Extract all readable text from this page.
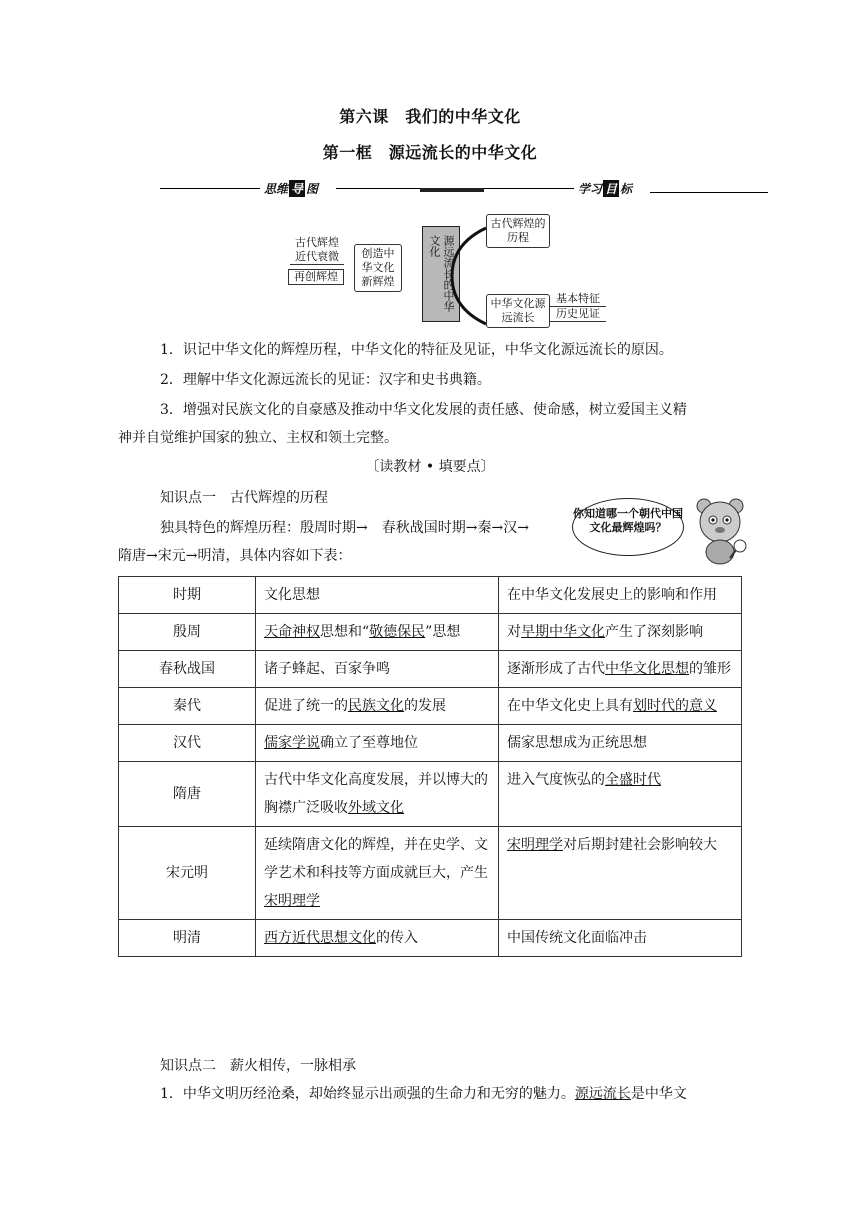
第六课　我们的中华文化
第一框　源远流长的中华文化
思维 导 图	学习 目 标
古代辉煌
近代衰微
再创辉煌
创造中华文化新辉煌	源远流长的中华文化
古代辉煌的历程
中华文化源远流长
基本特征
历史见证
1．识记中华文化的辉煌历程，中华文化的特征及见证，中华文化源远流长的原因。
2．理解中华文化源远流长的见证：汉字和史书典籍。
3．增强对民族文化的自豪感及推动中华文化发展的责任感、使命感，树立爱国主义精
神并自觉维护国家的独立、主权和领土完整。
〔读教材 • 填要点〕
知识点一　古代辉煌的历程
独具特色的辉煌历程：殷周时期→　春秋战国时期→秦→汉→
隋唐→宋元→明清，具体内容如下表：
你知道哪一个朝代中国文化最辉煌吗？
时期	文化思想	在中华文化发展史上的影响和作用
殷周	天命神权思想和“敬德保民”思想	对早期中华文化产生了深刻影响
春秋战国	诸子蜂起、百家争鸣	逐渐形成了古代中华文化思想的雏形
秦代	促进了统一的民族文化的发展	在中华文化史上具有划时代的意义
汉代	儒家学说确立了至尊地位	儒家思想成为正统思想
隋唐	古代中华文化高度发展，并以博大的胸襟广泛吸收外域文化	进入气度恢弘的全盛时代
宋元明	延续隋唐文化的辉煌，并在史学、文学艺术和科技等方面成就巨大，产生宋明理学	宋明理学对后期封建社会影响较大
明清	西方近代思想文化的传入	中国传统文化面临冲击
知识点二　薪火相传，一脉相承
1．中华文明历经沧桑，却始终显示出顽强的生命力和无穷的魅力。源远流长是中华文
